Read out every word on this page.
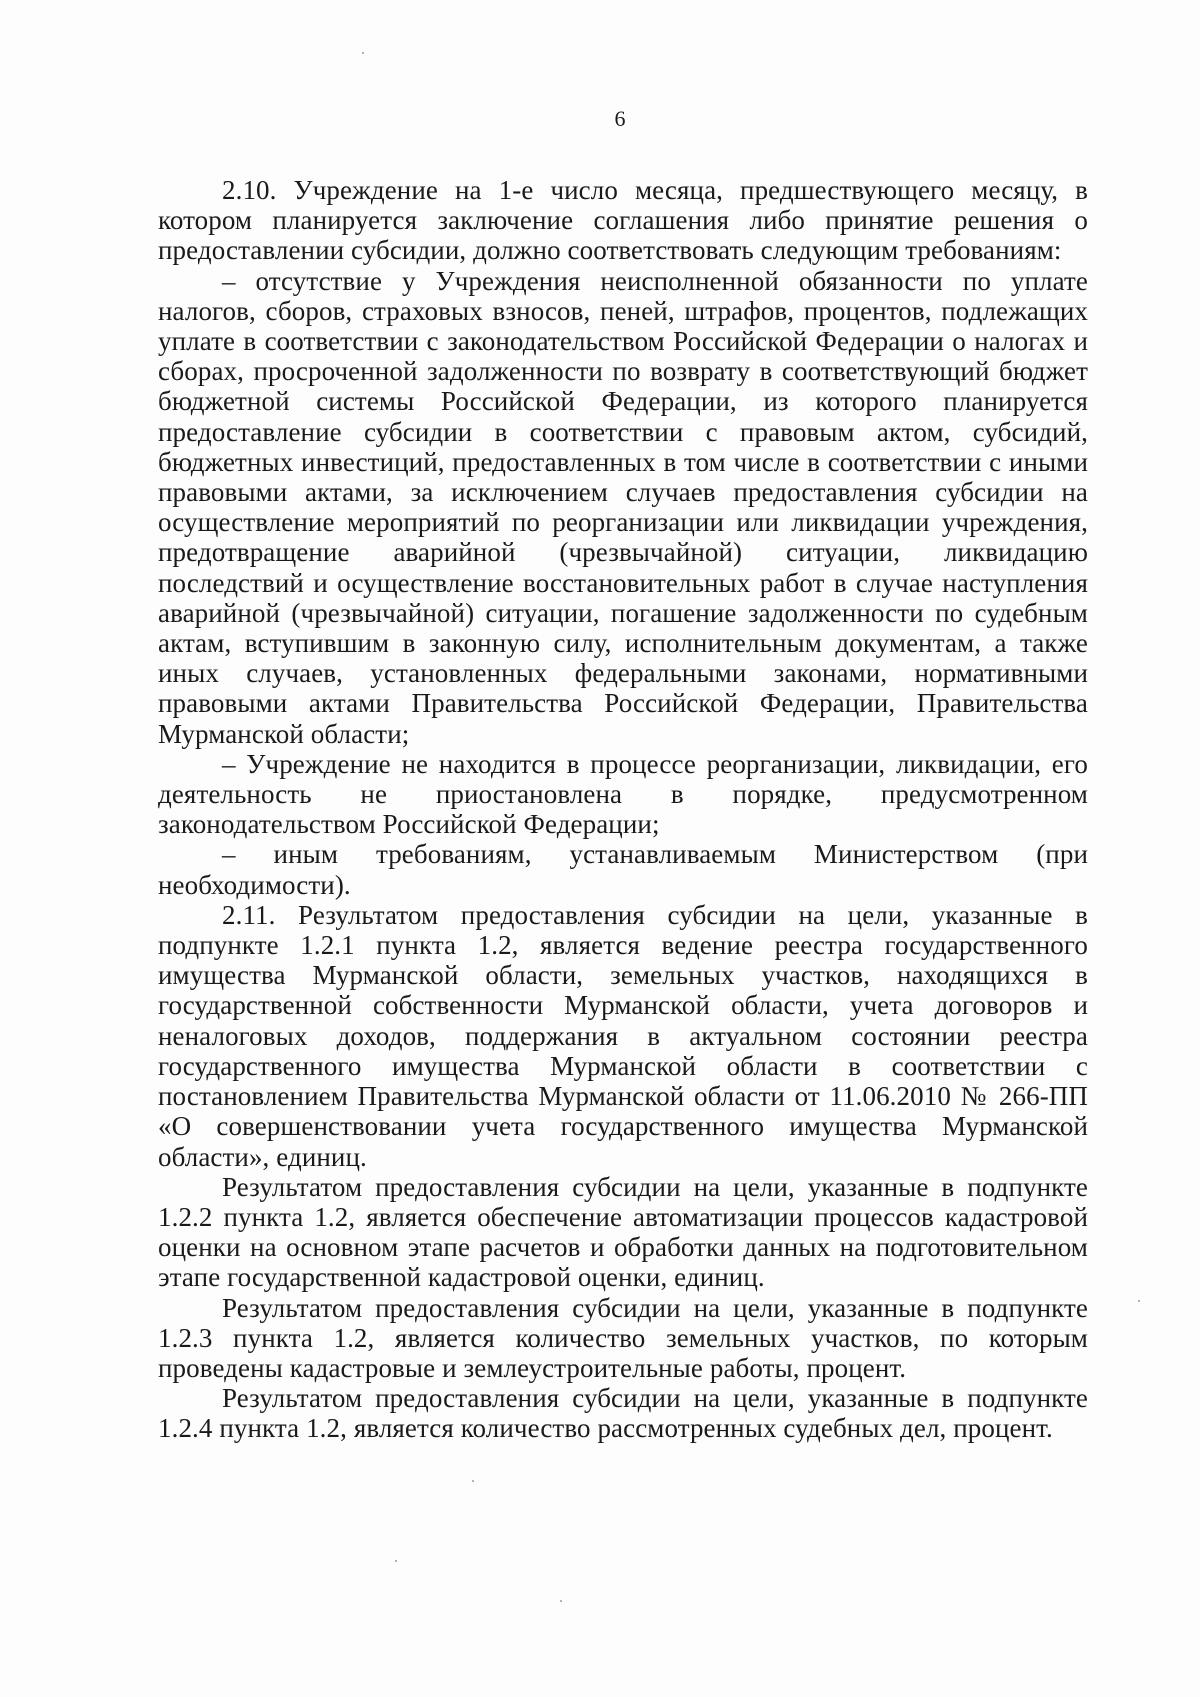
6

2.10. Учреждение на 1-е число месяца, предшествующего месяцу, в котором планируется заключение соглашения либо принятие решения о предоставлении субсидии, должно соответствовать следующим требованиям:

– отсутствие у Учреждения неисполненной обязанности по уплате налогов, сборов, страховых взносов, пеней, штрафов, процентов, подлежащих уплате в соответствии с законодательством Российской Федерации о налогах и сборах, просроченной задолженности по возврату в соответствующий бюджет бюджетной системы Российской Федерации, из которого планируется предоставление субсидии в соответствии с правовым актом, субсидий, бюджетных инвестиций, предоставленных в том числе в соответствии с иными правовыми актами, за исключением случаев предоставления субсидии на осуществление мероприятий по реорганизации или ликвидации учреждения, предотвращение аварийной (чрезвычайной) ситуации, ликвидацию последствий и осуществление восстановительных работ в случае наступления аварийной (чрезвычайной) ситуации, погашение задолженности по судебным актам, вступившим в законную силу, исполнительным документам, а также иных случаев, установленных федеральными законами, нормативными правовыми актами Правительства Российской Федерации, Правительства Мурманской области;

– Учреждение не находится в процессе реорганизации, ликвидации, его деятельность не приостановлена в порядке, предусмотренном законодательством Российской Федерации;

– иным требованиям, устанавливаемым Министерством (при необходимости).

2.11. Результатом предоставления субсидии на цели, указанные в подпункте 1.2.1 пункта 1.2, является ведение реестра государственного имущества Мурманской области, земельных участков, находящихся в государственной собственности Мурманской области, учета договоров и неналоговых доходов, поддержания в актуальном состоянии реестра государственного имущества Мурманской области в соответствии с постановлением Правительства Мурманской области от 11.06.2010 № 266-ПП «О совершенствовании учета государственного имущества Мурманской области», единиц.

Результатом предоставления субсидии на цели, указанные в подпункте 1.2.2 пункта 1.2, является обеспечение автоматизации процессов кадастровой оценки на основном этапе расчетов и обработки данных на подготовительном этапе государственной кадастровой оценки, единиц.

Результатом предоставления субсидии на цели, указанные в подпункте 1.2.3 пункта 1.2, является количество земельных участков, по которым проведены кадастровые и землеустроительные работы, процент.

Результатом предоставления субсидии на цели, указанные в подпункте 1.2.4 пункта 1.2, является количество рассмотренных судебных дел, процент.
